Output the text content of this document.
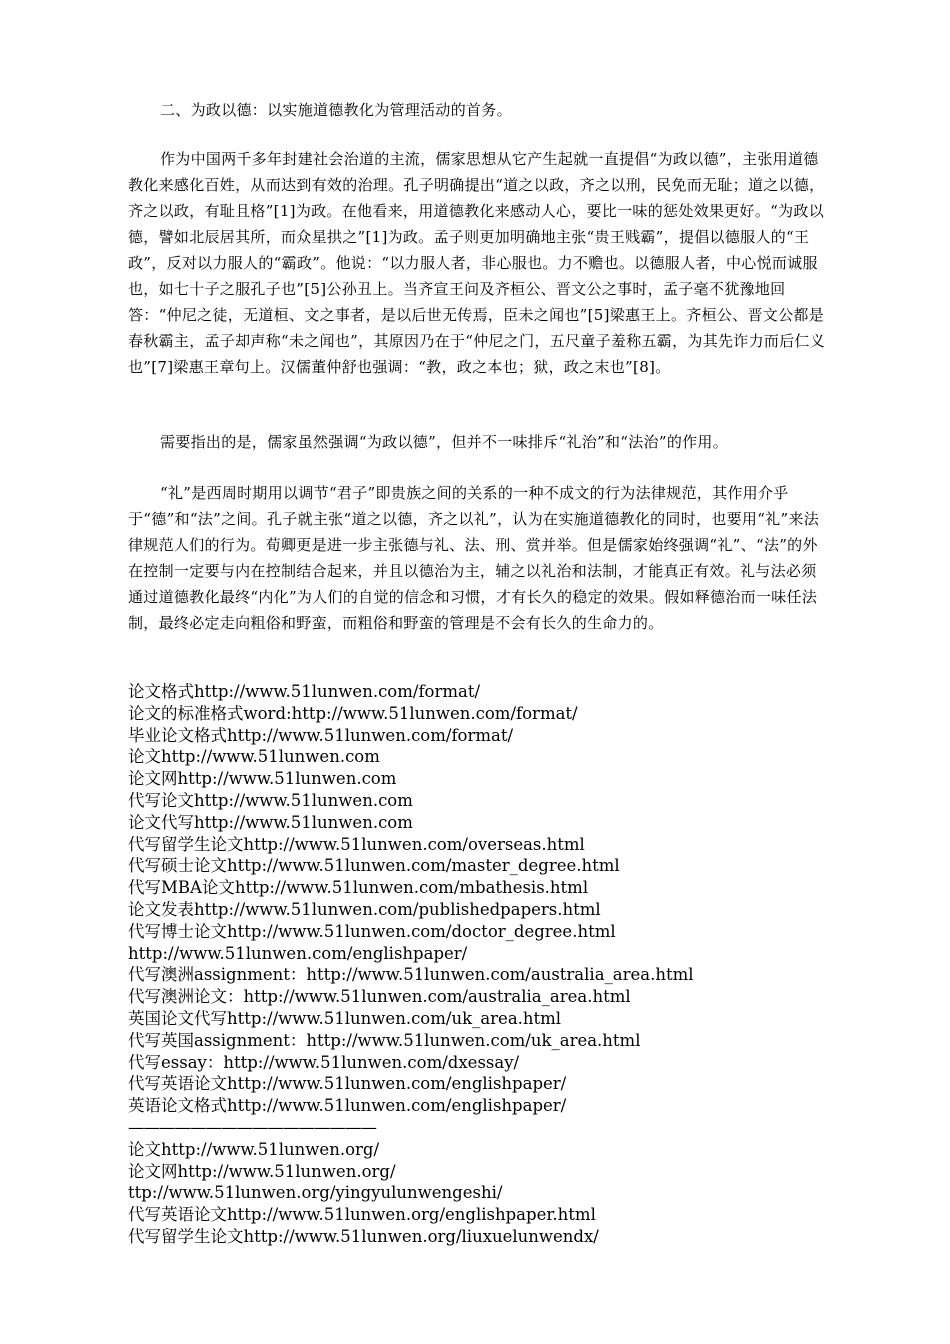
二、为政以德：以实施道德教化为管理活动的首务。

作为中国两千多年封建社会治道的主流，儒家思想从它产生起就一直提倡“为政以德”，主张用道德教化来感化百姓，从而达到有效的治理。孔子明确提出“道之以政，齐之以刑，民免而无耻；道之以德，齐之以政，有耻且格”[1]为政。在他看来，用道德教化来感动人心，要比一味的惩处效果更好。“为政以德，譬如北辰居其所，而众星拱之”[1]为政。孟子则更加明确地主张“贵王贱霸”，提倡以德服人的“王政”，反对以力服人的“霸政”。他说：“以力服人者，非心服也。力不赡也。以德服人者，中心悦而诚服也，如七十子之服孔子也”[5]公孙丑上。当齐宣王问及齐桓公、晋文公之事时，孟子毫不犹豫地回答：“仲尼之徒，无道桓、文之事者，是以后世无传焉，臣未之闻也”[5]梁惠王上。齐桓公、晋文公都是春秋霸主，孟子却声称“未之闻也”，其原因乃在于“仲尼之门，五尺童子羞称五霸，为其先诈力而后仁义也”[7]梁惠王章句上。汉儒董仲舒也强调：“教，政之本也；狱，政之末也”[8]。

需要指出的是，儒家虽然强调“为政以德”，但并不一味排斥“礼治”和“法治”的作用。

“礼”是西周时期用以调节“君子”即贵族之间的关系的一种不成文的行为法律规范，其作用介乎于“德”和“法”之间。孔子就主张“道之以德，齐之以礼”，认为在实施道德教化的同时，也要用“礼”来法律规范人们的行为。荀卿更是进一步主张德与礼、法、刑、赏并举。但是儒家始终强调“礼”、“法”的外在控制一定要与内在控制结合起来，并且以德治为主，辅之以礼治和法制，才能真正有效。礼与法必须通过道德教化最终“内化”为人们的自觉的信念和习惯，才有长久的稳定的效果。假如释德治而一味任法制，最终必定走向粗俗和野蛮，而粗俗和野蛮的管理是不会有长久的生命力的。

论文格式http://www.51lunwen.com/format/
论文的标准格式word:http://www.51lunwen.com/format/
毕业论文格式http://www.51lunwen.com/format/
论文http://www.51lunwen.com
论文网http://www.51lunwen.com
代写论文http://www.51lunwen.com
论文代写http://www.51lunwen.com
代写留学生论文http://www.51lunwen.com/overseas.html
代写硕士论文http://www.51lunwen.com/master_degree.html
代写MBA论文http://www.51lunwen.com/mbathesis.html
论文发表http://www.51lunwen.com/publishedpapers.html
代写博士论文http://www.51lunwen.com/doctor_degree.html
http://www.51lunwen.com/englishpaper/
代写澳洲assignment：http://www.51lunwen.com/australia_area.html
代写澳洲论文：http://www.51lunwen.com/australia_area.html
英国论文代写http://www.51lunwen.com/uk_area.html
代写英国assignment：http://www.51lunwen.com/uk_area.html
代写essay：http://www.51lunwen.com/dxessay/
代写英语论文http://www.51lunwen.com/englishpaper/
英语论文格式http://www.51lunwen.com/englishpaper/
————————————————
论文http://www.51lunwen.org/
论文网http://www.51lunwen.org/
ttp://www.51lunwen.org/yingyulunwengeshi/
代写英语论文http://www.51lunwen.org/englishpaper.html
代写留学生论文http://www.51lunwen.org/liuxuelunwendx/
